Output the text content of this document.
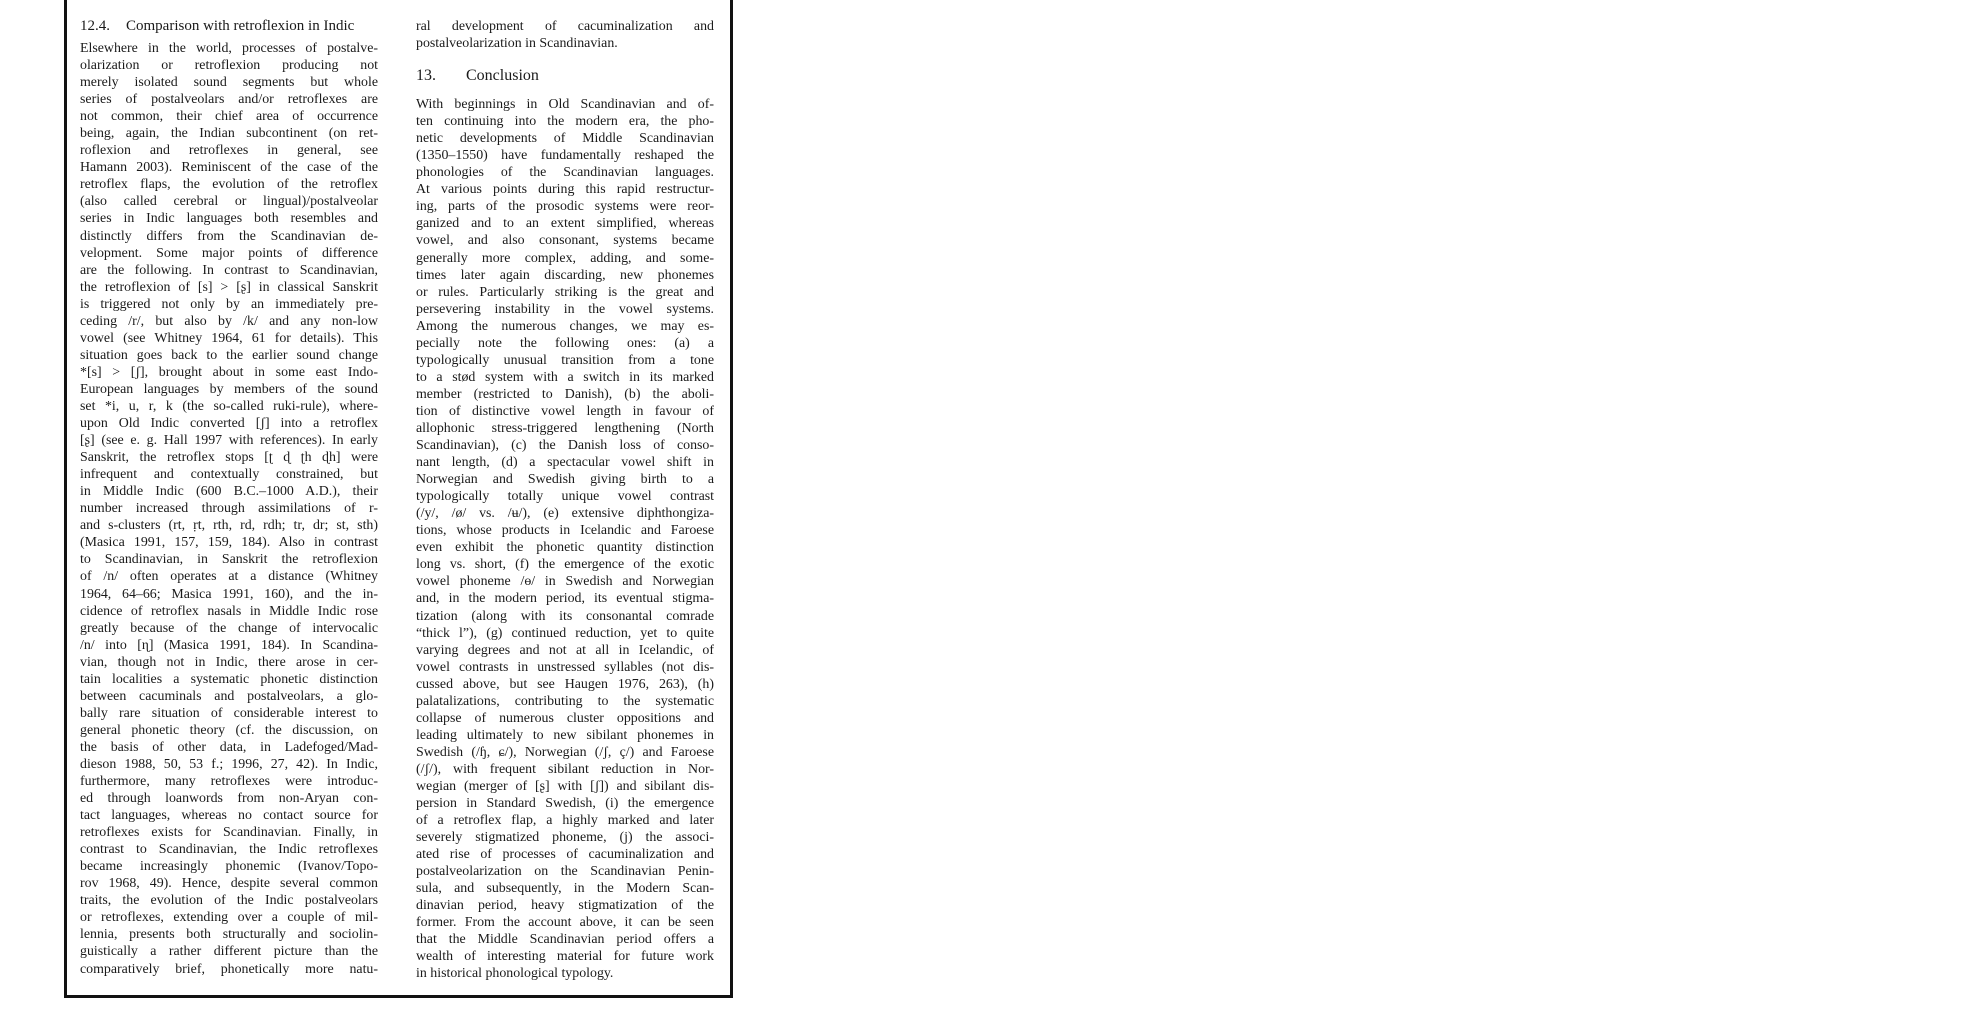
12.4. Comparison with retroflexion in Indic
Elsewhere in the world, processes of postalve-
olarization or retroflexion producing not
merely isolated sound segments but whole
series of postalveolars and/or retroflexes are
not common, their chief area of occurrence
being, again, the Indian subcontinent (on ret-
roflexion and retroflexes in general, see
Hamann 2003). Reminiscent of the case of the
retroflex flaps, the evolution of the retroflex
(also called cerebral or lingual)/postalveolar
series in Indic languages both resembles and
distinctly differs from the Scandinavian de-
velopment. Some major points of difference
are the following. In contrast to Scandinavian,
the retroflexion of [s] > [ʂ] in classical Sanskrit
is triggered not only by an immediately pre-
ceding /r/, but also by /k/ and any non-low
vowel (see Whitney 1964, 61 for details). This
situation goes back to the earlier sound change
*[s] > [ʃ], brought about in some east Indo-
European languages by members of the sound
set *i, u, r, k (the so-called ruki-rule), where-
upon Old Indic converted [ʃ] into a retroflex
[ʂ] (see e. g. Hall 1997 with references). In early
Sanskrit, the retroflex stops [ʈ ɖ ʈh ɖh] were
infrequent and contextually constrained, but
in Middle Indic (600 B.C.–1000 A.D.), their
number increased through assimilations of r-
and s-clusters (rt, ṛt, rth, rd, rdh; tr, dr; st, sth)
(Masica 1991, 157, 159, 184). Also in contrast
to Scandinavian, in Sanskrit the retroflexion
of /n/ often operates at a distance (Whitney
1964, 64–66; Masica 1991, 160), and the in-
cidence of retroflex nasals in Middle Indic rose
greatly because of the change of intervocalic
/n/ into [ɳ] (Masica 1991, 184). In Scandina-
vian, though not in Indic, there arose in cer-
tain localities a systematic phonetic distinction
between cacuminals and postalveolars, a glo-
bally rare situation of considerable interest to
general phonetic theory (cf. the discussion, on
the basis of other data, in Ladefoged/Mad-
dieson 1988, 50, 53 f.; 1996, 27, 42). In Indic,
furthermore, many retroflexes were introduc-
ed through loanwords from non-Aryan con-
tact languages, whereas no contact source for
retroflexes exists for Scandinavian. Finally, in
contrast to Scandinavian, the Indic retroflexes
became increasingly phonemic (Ivanov/Topo-
rov 1968, 49). Hence, despite several common
traits, the evolution of the Indic postalveolars
or retroflexes, extending over a couple of mil-
lennia, presents both structurally and sociolin-
guistically a rather different picture than the
comparatively brief, phonetically more natu-
ral development of cacuminalization and
postalveolarization in Scandinavian.
13. Conclusion
With beginnings in Old Scandinavian and of-
ten continuing into the modern era, the pho-
netic developments of Middle Scandinavian
(1350–1550) have fundamentally reshaped the
phonologies of the Scandinavian languages.
At various points during this rapid restructur-
ing, parts of the prosodic systems were reor-
ganized and to an extent simplified, whereas
vowel, and also consonant, systems became
generally more complex, adding, and some-
times later again discarding, new phonemes
or rules. Particularly striking is the great and
persevering instability in the vowel systems.
Among the numerous changes, we may es-
pecially note the following ones: (a) a
typologically unusual transition from a tone
to a stød system with a switch in its marked
member (restricted to Danish), (b) the aboli-
tion of distinctive vowel length in favour of
allophonic stress-triggered lengthening (North
Scandinavian), (c) the Danish loss of conso-
nant length, (d) a spectacular vowel shift in
Norwegian and Swedish giving birth to a
typologically totally unique vowel contrast
(/y/, /ø/ vs. /ʉ/), (e) extensive diphthongiza-
tions, whose products in Icelandic and Faroese
even exhibit the phonetic quantity distinction
long vs. short, (f) the emergence of the exotic
vowel phoneme /ɵ/ in Swedish and Norwegian
and, in the modern period, its eventual stigma-
tization (along with its consonantal comrade
“thick l”), (g) continued reduction, yet to quite
varying degrees and not at all in Icelandic, of
vowel contrasts in unstressed syllables (not dis-
cussed above, but see Haugen 1976, 263), (h)
palatalizations, contributing to the systematic
collapse of numerous cluster oppositions and
leading ultimately to new sibilant phonemes in
Swedish (/ɧ, ɕ/), Norwegian (/ʃ, ç/) and Faroese
(/ʃ/), with frequent sibilant reduction in Nor-
wegian (merger of [ʂ] with [ʃ]) and sibilant dis-
persion in Standard Swedish, (i) the emergence
of a retroflex flap, a highly marked and later
severely stigmatized phoneme, (j) the associ-
ated rise of processes of cacuminalization and
postalveolarization on the Scandinavian Penin-
sula, and subsequently, in the Modern Scan-
dinavian period, heavy stigmatization of the
former. From the account above, it can be seen
that the Middle Scandinavian period offers a
wealth of interesting material for future work
in historical phonological typology.
